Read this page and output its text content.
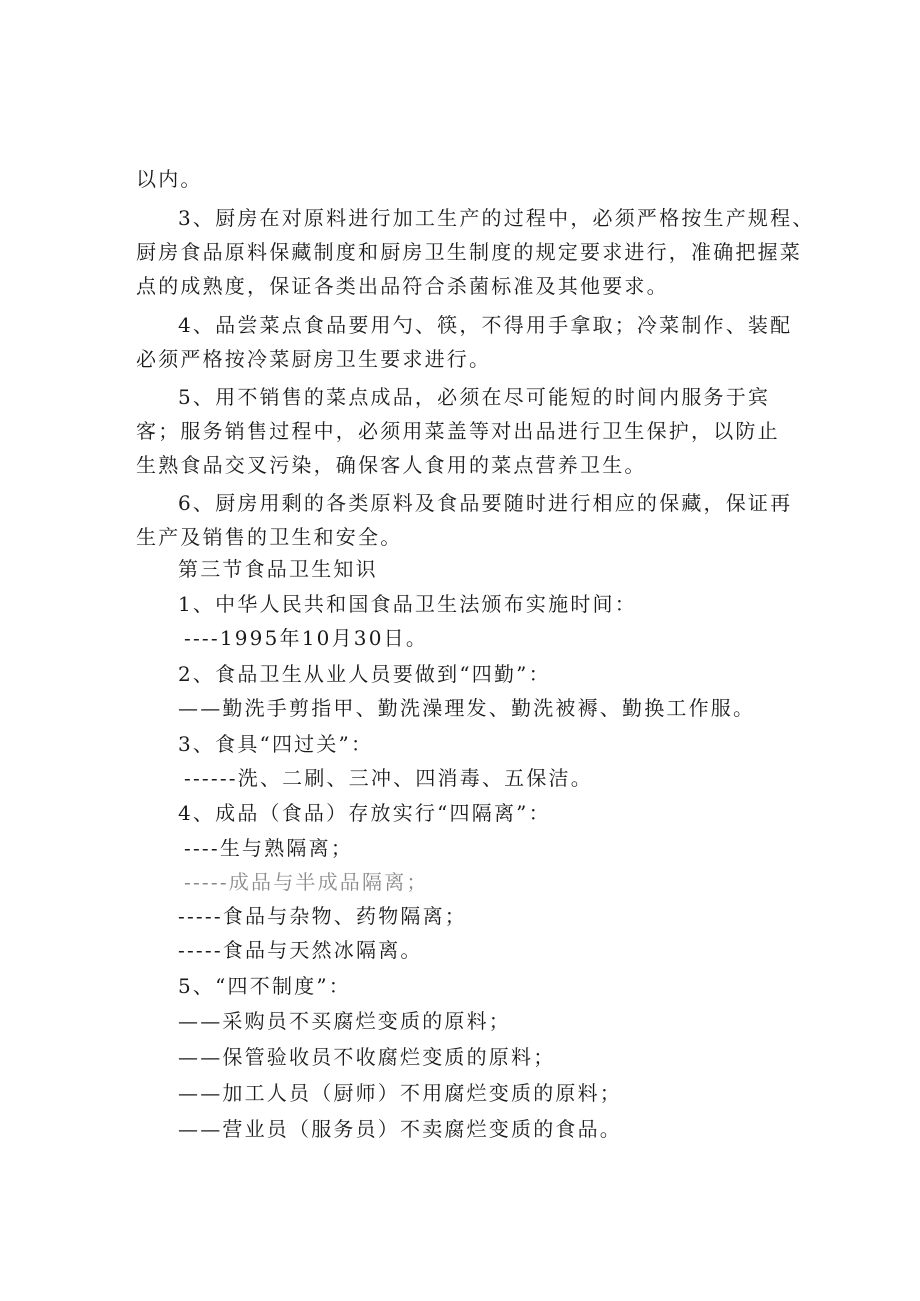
以内。
3、厨房在对原料进行加工生产的过程中，必须严格按生产规程、
厨房食品原料保藏制度和厨房卫生制度的规定要求进行，准确把握菜
点的成熟度，保证各类出品符合杀菌标准及其他要求。
4、品尝菜点食品要用勺、筷，不得用手拿取；冷菜制作、装配
必须严格按冷菜厨房卫生要求进行。
5、用不销售的菜点成品，必须在尽可能短的时间内服务于宾
客；服务销售过程中，必须用菜盖等对出品进行卫生保护，以防止
生熟食品交叉污染，确保客人食用的菜点营养卫生。
6、厨房用剩的各类原料及食品要随时进行相应的保藏，保证再
生产及销售的卫生和安全。
第三节食品卫生知识
1、中华人民共和国食品卫生法颁布实施时间：
----1995年10月30日。
2、食品卫生从业人员要做到“四勤”：
——勤洗手剪指甲、勤洗澡理发、勤洗被褥、勤换工作服。
3、食具“四过关”：
------洗、二刷、三冲、四消毒、五保洁。
4、成品（食品）存放实行“四隔离”：
----生与熟隔离；
-----成品与半成品隔离；
-----食品与杂物、药物隔离；
-----食品与天然冰隔离。
5、“四不制度”：
——采购员不买腐烂变质的原料；
——保管验收员不收腐烂变质的原料；
——加工人员（厨师）不用腐烂变质的原料；
——营业员（服务员）不卖腐烂变质的食品。
